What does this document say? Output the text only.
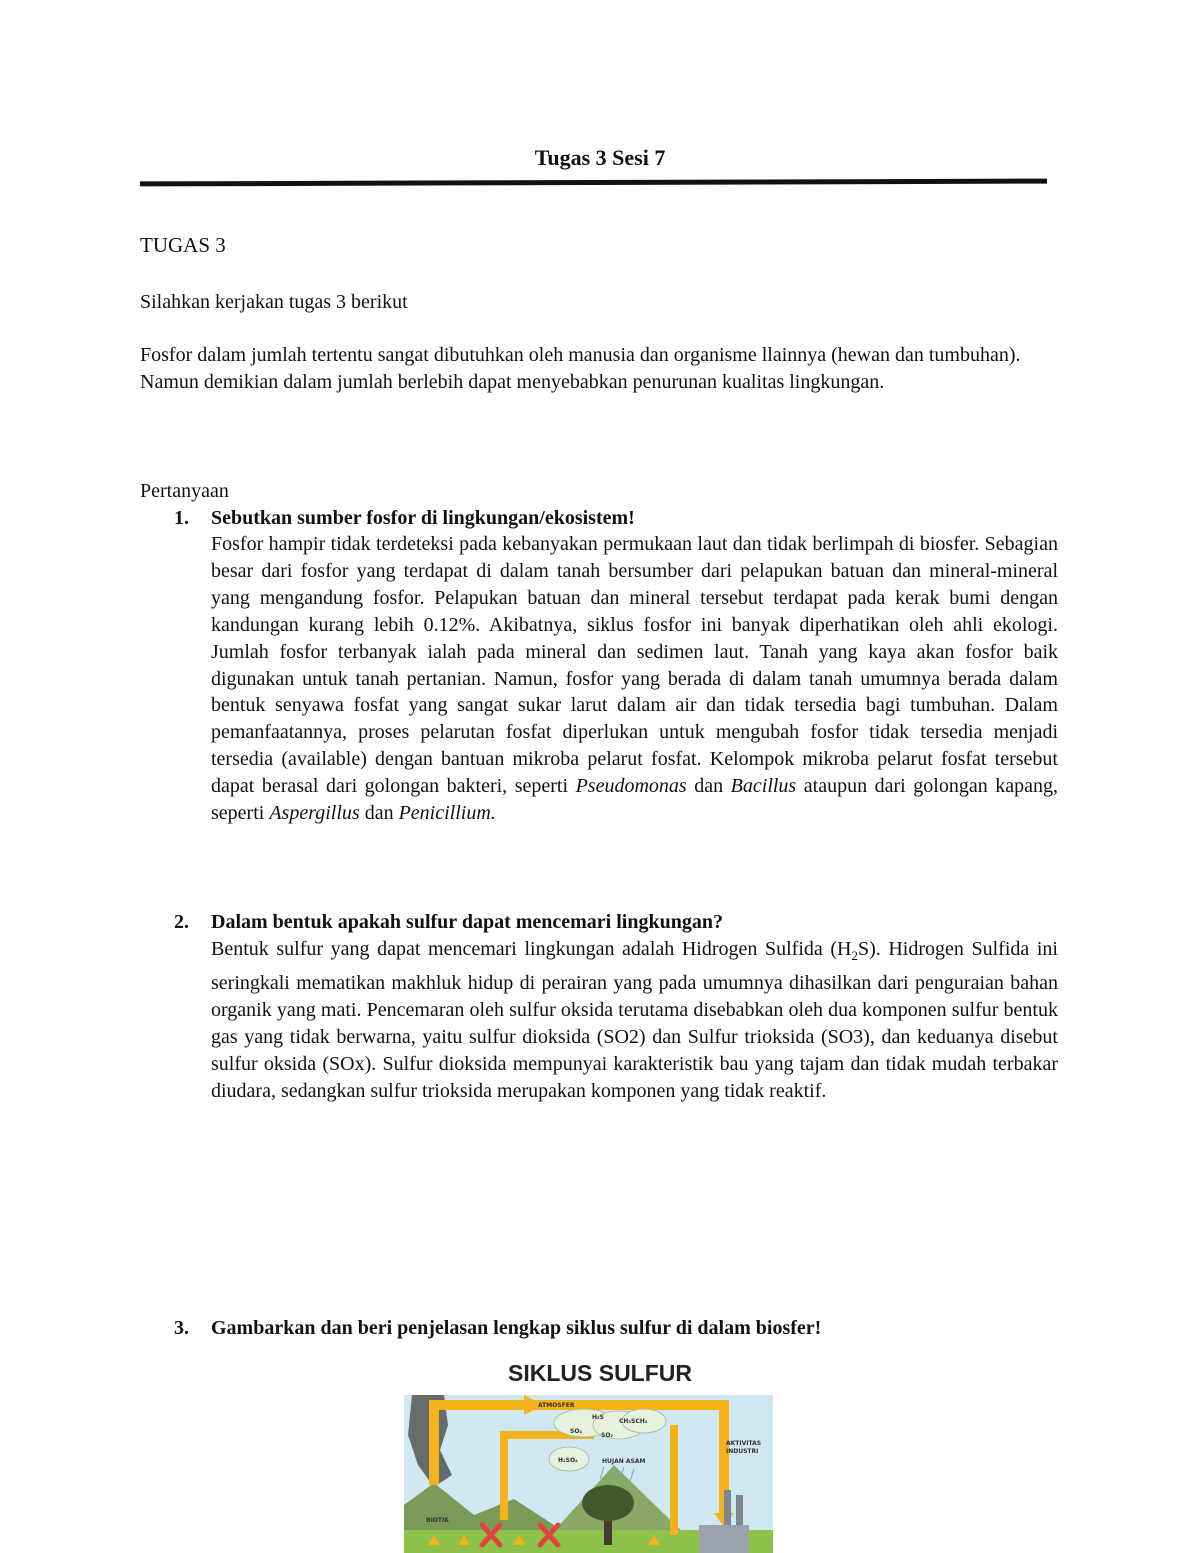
Tugas 3 Sesi 7
TUGAS 3
Silahkan kerjakan tugas 3 berikut
Fosfor dalam jumlah tertentu sangat dibutuhkan oleh manusia dan organisme llainnya (hewan dan tumbuhan). Namun demikian dalam jumlah berlebih dapat menyebabkan penurunan kualitas lingkungan.
Pertanyaan
1. Sebutkan sumber fosfor di lingkungan/ekosistem!
Fosfor hampir tidak terdeteksi pada kebanyakan permukaan laut dan tidak berlimpah di biosfer. Sebagian besar dari fosfor yang terdapat di dalam tanah bersumber dari pelapukan batuan dan mineral-mineral yang mengandung fosfor. Pelapukan batuan dan mineral tersebut terdapat pada kerak bumi dengan kandungan kurang lebih 0.12%. Akibatnya, siklus fosfor ini banyak diperhatikan oleh ahli ekologi. Jumlah fosfor terbanyak ialah pada mineral dan sedimen laut. Tanah yang kaya akan fosfor baik digunakan untuk tanah pertanian. Namun, fosfor yang berada di dalam tanah umumnya berada dalam bentuk senyawa fosfat yang sangat sukar larut dalam air dan tidak tersedia bagi tumbuhan. Dalam pemanfaatannya, proses pelarutan fosfat diperlukan untuk mengubah fosfor tidak tersedia menjadi tersedia (available) dengan bantuan mikroba pelarut fosfat. Kelompok mikroba pelarut fosfat tersebut dapat berasal dari golongan bakteri, seperti Pseudomonas dan Bacillus ataupun dari golongan kapang, seperti Aspergillus dan Penicillium.
2. Dalam bentuk apakah sulfur dapat mencemari lingkungan?
Bentuk sulfur yang dapat mencemari lingkungan adalah Hidrogen Sulfida $(H_2S)$. Hidrogen Sulfida ini seringkali mematikan makhluk hidup di perairan yang pada umumnya dihasilkan dari penguraian bahan organik yang mati. Pencemaran oleh sulfur oksida terutama disebabkan oleh dua komponen sulfur bentuk gas yang tidak berwarna, yaitu sulfur dioksida (SO2) dan Sulfur trioksida (SO3), dan keduanya disebut sulfur oksida (SOx). Sulfur dioksida mempunyai karakteristik bau yang tajam dan tidak mudah terbakar diudara, sedangkan sulfur trioksida merupakan komponen yang tidak reaktif.
3. Gambarkan dan beri penjelasan lengkap siklus sulfur di dalam biosfer!
SIKLUS SULFUR
ATMOSFER
H₂S
CH₃SCH₃
SO₄
SO₂
H₂SO₄	HUJAN ASAM
AKTIVITAS
INDUSTRI
BIOTIK
